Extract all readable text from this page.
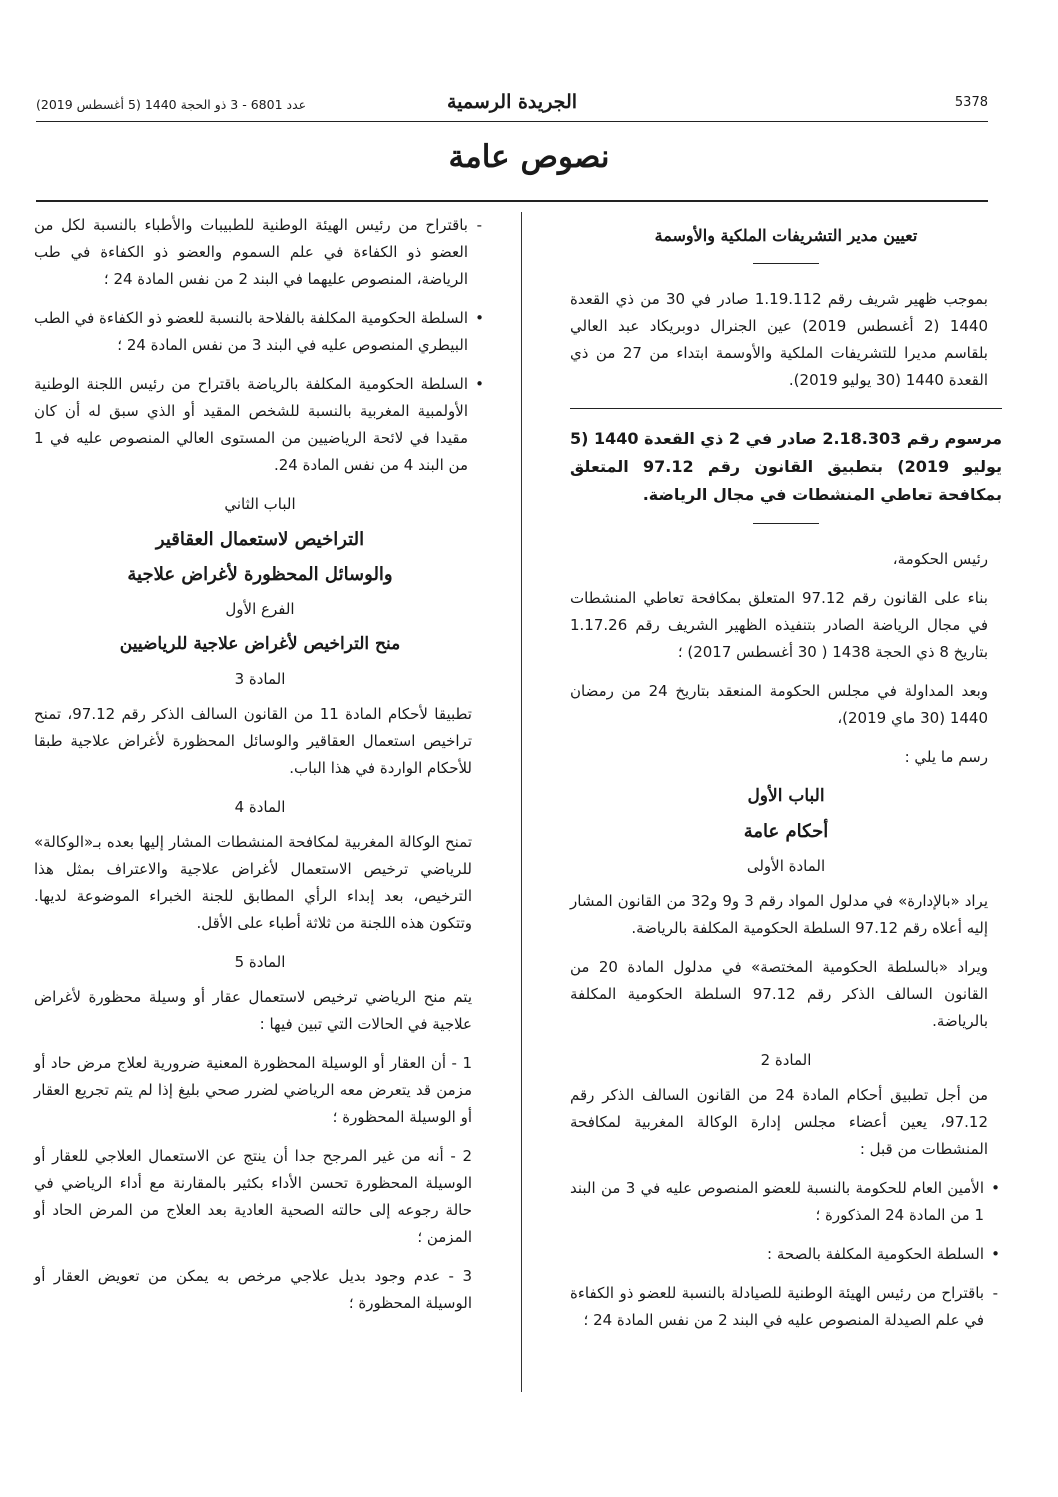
5378
الجريدة الرسمية
عدد 6801 - 3 ذو الحجة 1440 (5 أغسطس 2019)
نصوص عامة
تعيين مدير التشريفات الملكية والأوسمة

بموجب ظهير شريف رقم 1.19.112 صادر في 30 من ذي القعدة 1440 (2 أغسطس 2019) عين الجنرال دوبريكاد عبد العالي بلقاسم مديرا للتشريفات الملكية والأوسمة ابتداء من 27 من ذي القعدة 1440 (30 يوليو 2019).

مرسوم رقم 2.18.303 صادر في 2 ذي القعدة 1440 (5 يوليو 2019) بتطبيق القانون رقم 97.12 المتعلق بمكافحة تعاطي المنشطات في مجال الرياضة.

رئيس الحكومة،

بناء على القانون رقم 97.12 المتعلق بمكافحة تعاطي المنشطات في مجال الرياضة الصادر بتنفيذه الظهير الشريف رقم 1.17.26 بتاريخ 8 ذي الحجة 1438 ( 30 أغسطس 2017) ؛

وبعد المداولة في مجلس الحكومة المنعقد بتاريخ 24 من رمضان 1440 (30 ماي 2019)،

رسم ما يلي :

الباب الأول
أحكام عامة
المادة الأولى

يراد «بالإدارة» في مدلول المواد رقم 3 و9 و32 من القانون المشار إليه أعلاه رقم 97.12 السلطة الحكومية المكلفة بالرياضة.

ويراد «بالسلطة الحكومية المختصة» في مدلول المادة 20 من القانون السالف الذكر رقم 97.12 السلطة الحكومية المكلفة بالرياضة.

المادة 2

من أجل تطبيق أحكام المادة 24 من القانون السالف الذكر رقم 97.12، يعين أعضاء مجلس إدارة الوكالة المغربية لمكافحة المنشطات من قبل :

• الأمين العام للحكومة بالنسبة للعضو المنصوص عليه في 3 من البند 1 من المادة 24 المذكورة ؛

• السلطة الحكومية المكلفة بالصحة :

- باقتراح من رئيس الهيئة الوطنية للصيادلة بالنسبة للعضو ذو الكفاءة في علم الصيدلة المنصوص عليه في البند 2 من نفس المادة 24 ؛

- باقتراح من رئيس الهيئة الوطنية للطبيبات والأطباء بالنسبة لكل من العضو ذو الكفاءة في علم السموم والعضو ذو الكفاءة في طب الرياضة، المنصوص عليهما في البند 2 من نفس المادة 24 ؛

• السلطة الحكومية المكلفة بالفلاحة بالنسبة للعضو ذو الكفاءة في الطب البيطري المنصوص عليه في البند 3 من نفس المادة 24 ؛

• السلطة الحكومية المكلفة بالرياضة باقتراح من رئيس اللجنة الوطنية الأولمبية المغربية بالنسبة للشخص المقيد أو الذي سبق له أن كان مقيدا في لائحة الرياضيين من المستوى العالي المنصوص عليه في 1 من البند 4 من نفس المادة 24.

الباب الثاني
التراخيص لاستعمال العقاقير
والوسائل المحظورة لأغراض علاجية
الفرع الأول
منح التراخيص لأغراض علاجية للرياضيين
المادة 3

تطبيقا لأحكام المادة 11 من القانون السالف الذكر رقم 97.12، تمنح تراخيص استعمال العقاقير والوسائل المحظورة لأغراض علاجية طبقا للأحكام الواردة في هذا الباب.

المادة 4

تمنح الوكالة المغربية لمكافحة المنشطات المشار إليها بعده بـ«الوكالة» للرياضي ترخيص الاستعمال لأغراض علاجية والاعتراف بمثل هذا الترخيص، بعد إبداء الرأي المطابق للجنة الخبراء الموضوعة لديها. وتتكون هذه اللجنة من ثلاثة أطباء على الأقل.

المادة 5

يتم منح الرياضي ترخيص لاستعمال عقار أو وسيلة محظورة لأغراض علاجية في الحالات التي تبين فيها :

1 - أن العقار أو الوسيلة المحظورة المعنية ضرورية لعلاج مرض حاد أو مزمن قد يتعرض معه الرياضي لضرر صحي بليغ إذا لم يتم تجريع العقار أو الوسيلة المحظورة ؛

2 - أنه من غير المرجح جدا أن ينتج عن الاستعمال العلاجي للعقار أو الوسيلة المحظورة تحسن الأداء بكثير بالمقارنة مع أداء الرياضي في حالة رجوعه إلى حالته الصحية العادية بعد العلاج من المرض الحاد أو المزمن ؛

3 - عدم وجود بديل علاجي مرخص به يمكن من تعويض العقار أو الوسيلة المحظورة ؛
